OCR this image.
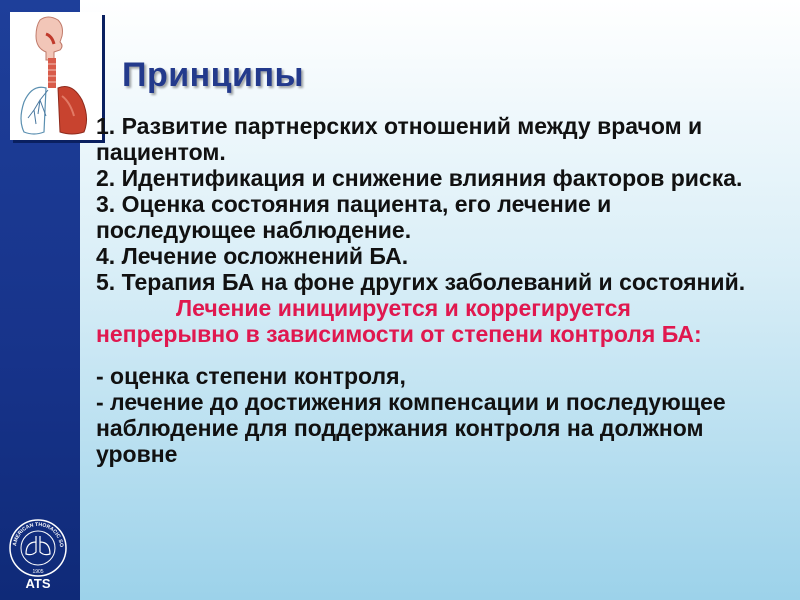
Принципы

1. Развитие партнерских отношений между врачом и пациентом.

2. Идентификация и снижение влияния факторов риска.

3. Оценка состояния пациента, его лечение и последующее наблюдение.

4. Лечение осложнений БА.

5. Терапия БА на фоне других заболеваний и состояний.

Лечение инициируется и коррегируется непрерывно в зависимости от степени контроля БА:

- оценка степени контроля,

- лечение до достижения компенсации и последующее наблюдение для поддержания контроля на должном уровне

AMERICAN THORACIC SO
1905
ATS
